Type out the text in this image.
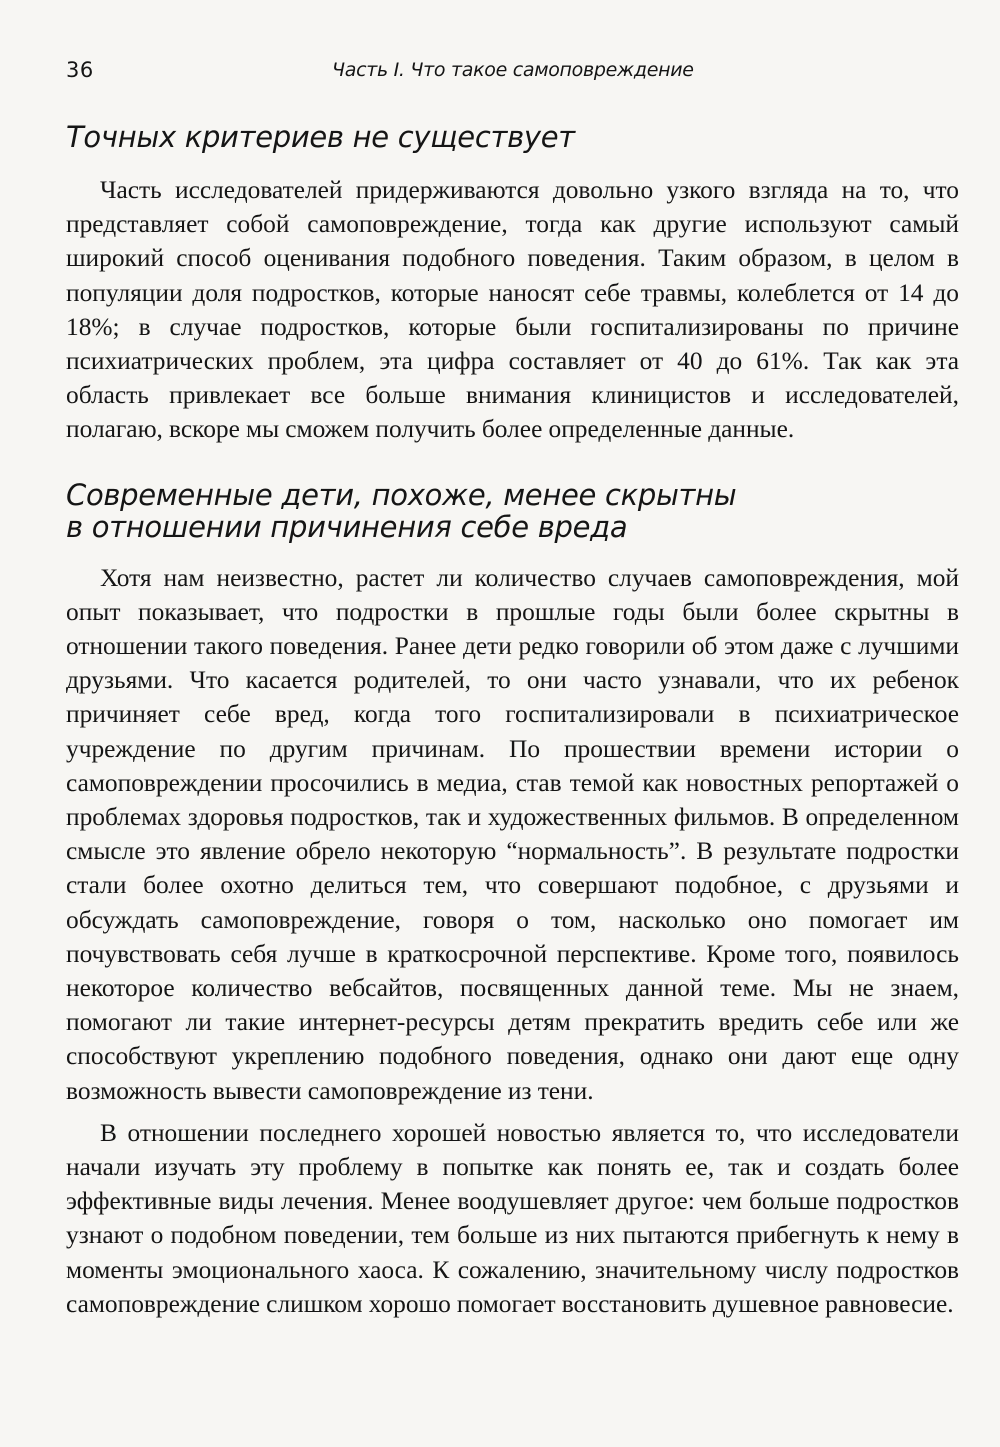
36	Часть I. Что такое самоповреждение
Точных критериев не существует

Часть исследователей придерживаются довольно узкого взгляда на то, что представляет собой самоповреждение, тогда как другие используют самый широкий способ оценивания подобного поведения. Таким образом, в целом в популяции доля подростков, которые наносят себе травмы, колеблется от 14 до 18%; в случае подростков, которые были госпитализированы по причине психиатрических проблем, эта цифра составляет от 40 до 61%. Так как эта область привлекает все больше внимания клиницистов и исследователей, полагаю, вскоре мы сможем получить более определенные данные.

Современные дети, похоже, менее скрытны
в отношении причинения себе вреда

Хотя нам неизвестно, растет ли количество случаев самоповреждения, мой опыт показывает, что подростки в прошлые годы были более скрытны в отношении такого поведения. Ранее дети редко говорили об этом даже с лучшими друзьями. Что касается родителей, то они часто узнавали, что их ребенок причиняет себе вред, когда того госпитализировали в психиатрическое учреждение по другим причинам. По прошествии времени истории о самоповреждении просочились в медиа, став темой как новостных репортажей о проблемах здоровья подростков, так и художественных фильмов. В определенном смысле это явление обрело некоторую “нормальность”. В результате подростки стали более охотно делиться тем, что совершают подобное, с друзьями и обсуждать самоповреждение, говоря о том, насколько оно помогает им почувствовать себя лучше в краткосрочной перспективе. Кроме того, появилось некоторое количество вебсайтов, посвященных данной теме. Мы не знаем, помогают ли такие интернет-ресурсы детям прекратить вредить себе или же способствуют укреплению подобного поведения, однако они дают еще одну возможность вывести самоповреждение из тени.

В отношении последнего хорошей новостью является то, что исследователи начали изучать эту проблему в попытке как понять ее, так и создать более эффективные виды лечения. Менее воодушевляет другое: чем больше подростков узнают о подобном поведении, тем больше из них пытаются прибегнуть к нему в моменты эмоционального хаоса. К сожалению, значительному числу подростков самоповреждение слишком хорошо помогает восстановить душевное равновесие.
